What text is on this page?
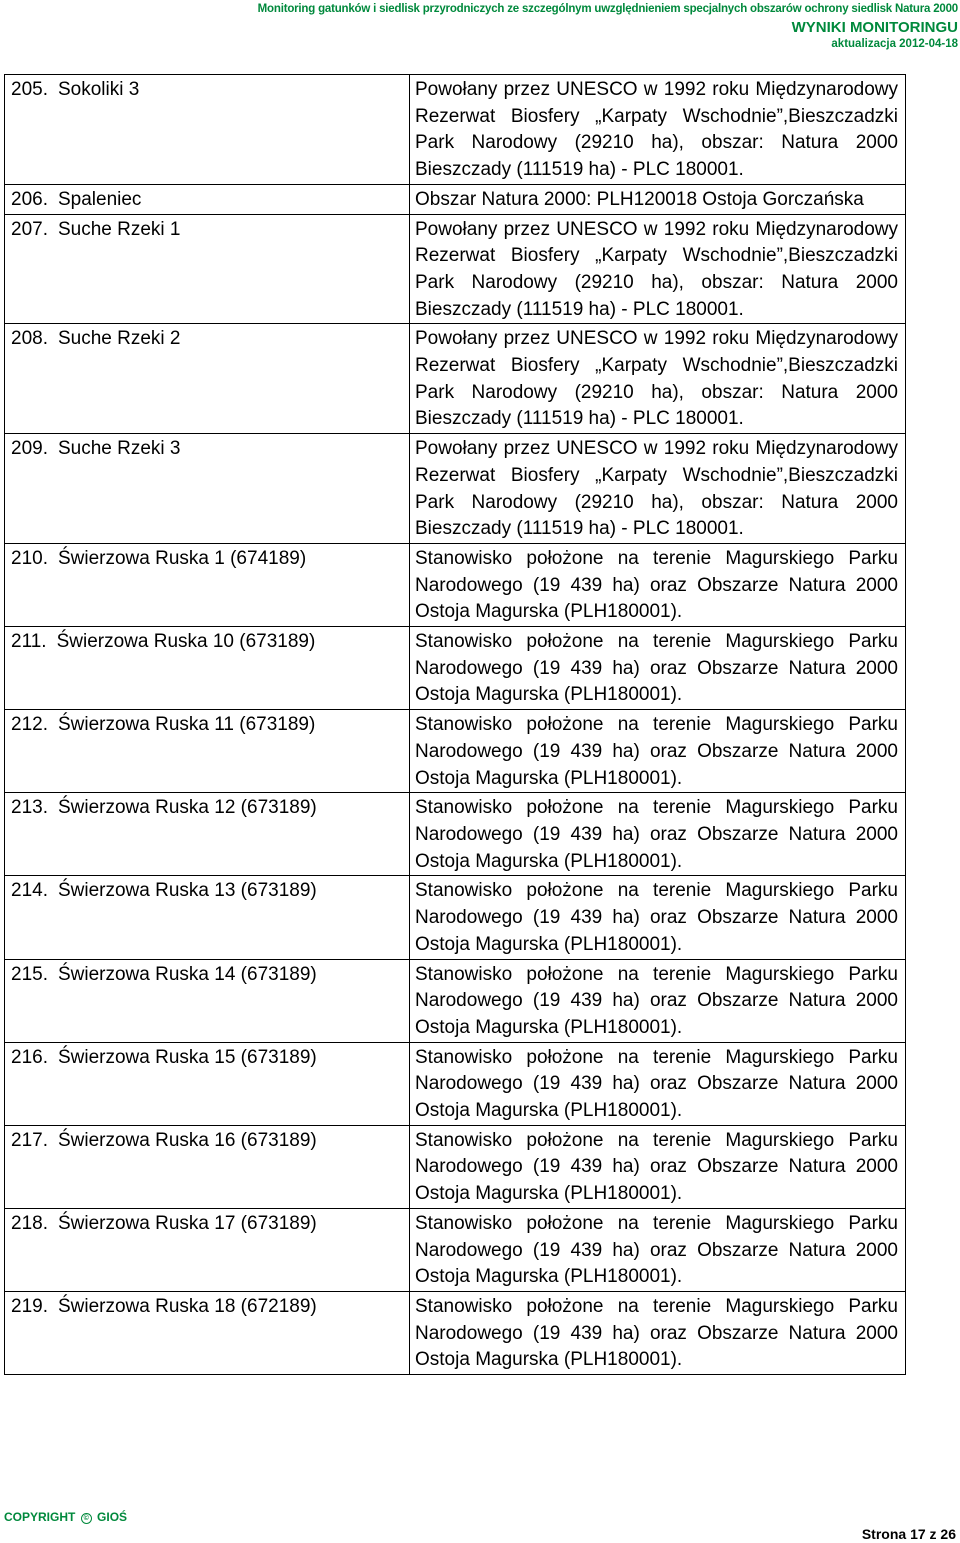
Monitoring gatunków i siedlisk przyrodniczych ze szczególnym uwzględnieniem specjalnych obszarów ochrony siedlisk Natura 2000
WYNIKI MONITORINGU
aktualizacja 2012-04-18
205. Sokoliki 3	Powołany przez UNESCO w 1992 roku Międzynarodowy Rezerwat Biosfery „Karpaty Wschodnie”,Bieszczadzki Park Narodowy (29210 ha), obszar: Natura 2000 Bieszczady (111519 ha) - PLC 180001.
206. Spaleniec	Obszar Natura 2000: PLH120018 Ostoja Gorczańska
207. Suche Rzeki 1	Powołany przez UNESCO w 1992 roku Międzynarodowy Rezerwat Biosfery „Karpaty Wschodnie”,Bieszczadzki Park Narodowy (29210 ha), obszar: Natura 2000 Bieszczady (111519 ha) - PLC 180001.
208. Suche Rzeki 2	Powołany przez UNESCO w 1992 roku Międzynarodowy Rezerwat Biosfery „Karpaty Wschodnie”,Bieszczadzki Park Narodowy (29210 ha), obszar: Natura 2000 Bieszczady (111519 ha) - PLC 180001.
209. Suche Rzeki 3	Powołany przez UNESCO w 1992 roku Międzynarodowy Rezerwat Biosfery „Karpaty Wschodnie”,Bieszczadzki Park Narodowy (29210 ha), obszar: Natura 2000 Bieszczady (111519 ha) - PLC 180001.
210. Świerzowa Ruska 1 (674189)	Stanowisko położone na terenie Magurskiego Parku Narodowego (19 439 ha) oraz Obszarze Natura 2000 Ostoja Magurska (PLH180001).
211. Świerzowa Ruska 10 (673189)	Stanowisko położone na terenie Magurskiego Parku Narodowego (19 439 ha) oraz Obszarze Natura 2000 Ostoja Magurska (PLH180001).
212. Świerzowa Ruska 11 (673189)	Stanowisko położone na terenie Magurskiego Parku Narodowego (19 439 ha) oraz Obszarze Natura 2000 Ostoja Magurska (PLH180001).
213. Świerzowa Ruska 12 (673189)	Stanowisko położone na terenie Magurskiego Parku Narodowego (19 439 ha) oraz Obszarze Natura 2000 Ostoja Magurska (PLH180001).
214. Świerzowa Ruska 13 (673189)	Stanowisko położone na terenie Magurskiego Parku Narodowego (19 439 ha) oraz Obszarze Natura 2000 Ostoja Magurska (PLH180001).
215. Świerzowa Ruska 14 (673189)	Stanowisko położone na terenie Magurskiego Parku Narodowego (19 439 ha) oraz Obszarze Natura 2000 Ostoja Magurska (PLH180001).
216. Świerzowa Ruska 15 (673189)	Stanowisko położone na terenie Magurskiego Parku Narodowego (19 439 ha) oraz Obszarze Natura 2000 Ostoja Magurska (PLH180001).
217. Świerzowa Ruska 16 (673189)	Stanowisko położone na terenie Magurskiego Parku Narodowego (19 439 ha) oraz Obszarze Natura 2000 Ostoja Magurska (PLH180001).
218. Świerzowa Ruska 17 (673189)	Stanowisko położone na terenie Magurskiego Parku Narodowego (19 439 ha) oraz Obszarze Natura 2000 Ostoja Magurska (PLH180001).
219. Świerzowa Ruska 18 (672189)	Stanowisko położone na terenie Magurskiego Parku Narodowego (19 439 ha) oraz Obszarze Natura 2000 Ostoja Magurska (PLH180001).
COPYRIGHT © GIOŚ
Strona 17 z 26
